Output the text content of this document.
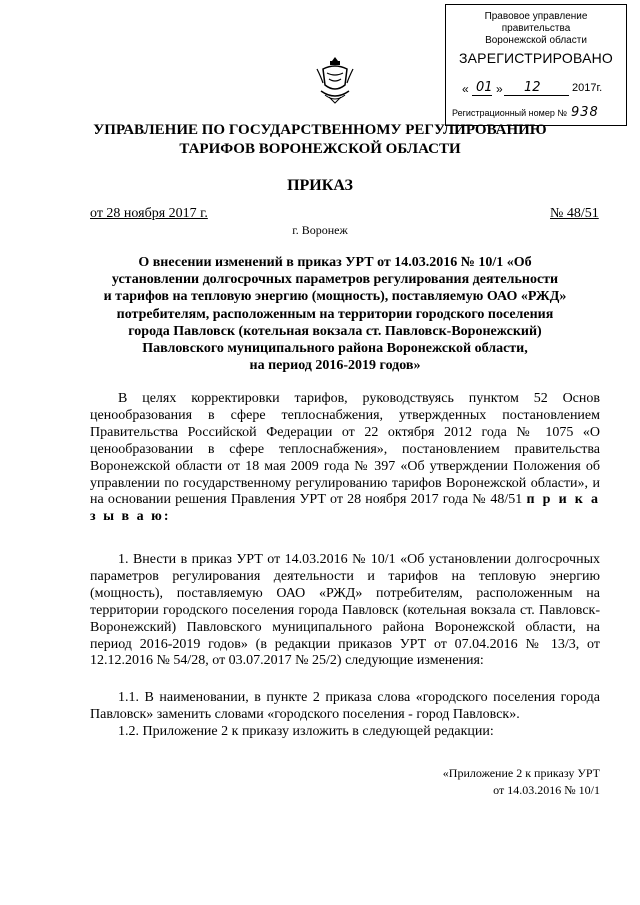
Правовое управление правительства
Воронежской области
ЗАРЕГИСТРИРОВАНО
« 01 » 12	2017г.
Регистрационный номер № 938
УПРАВЛЕНИЕ ПО ГОСУДАРСТВЕННОМУ РЕГУЛИРОВАНИЮ
ТАРИФОВ ВОРОНЕЖСКОЙ ОБЛАСТИ
ПРИКАЗ
от 28 ноября 2017 г.	№ 48/51
г. Воронеж
О внесении изменений в приказ УРТ от 14.03.2016 № 10/1 «Об
установлении долгосрочных параметров регулирования деятельности
и тарифов на тепловую энергию (мощность), поставляемую ОАО «РЖД»
потребителям, расположенным на территории городского поселения
города Павловск (котельная вокзала ст. Павловск-Воронежский)
Павловского муниципального района Воронежской области,
на период 2016-2019 годов»
В целях корректировки тарифов, руководствуясь пунктом 52 Основ ценообразования в сфере теплоснабжения, утвержденных постановлением Правительства Российской Федерации от 22 октября 2012 года № 1075 «О ценообразовании в сфере теплоснабжения», постановлением правительства Воронежской области от 18 мая 2009 года № 397 «Об утверждении Положения об управлении по государственному регулированию тарифов Воронежской области», и на основании решения Правления УРТ от 28 ноября 2017 года № 48/51 п р и к а з ы в а ю:
1. Внести в приказ УРТ от 14.03.2016 № 10/1 «Об установлении долгосрочных параметров регулирования деятельности и тарифов на тепловую энергию (мощность), поставляемую ОАО «РЖД» потребителям, расположенным на территории городского поселения города Павловск (котельная вокзала ст. Павловск-Воронежский) Павловского муниципального района Воронежской области, на период 2016-2019 годов» (в редакции приказов УРТ от 07.04.2016 № 13/3, от 12.12.2016 № 54/28, от 03.07.2017 № 25/2) следующие изменения:
1.1. В наименовании, в пункте 2 приказа слова «городского поселения города Павловск» заменить словами «городского поселения - город Павловск».
1.2. Приложение 2 к приказу изложить в следующей редакции:
«Приложение 2 к приказу УРТ
от 14.03.2016 № 10/1
